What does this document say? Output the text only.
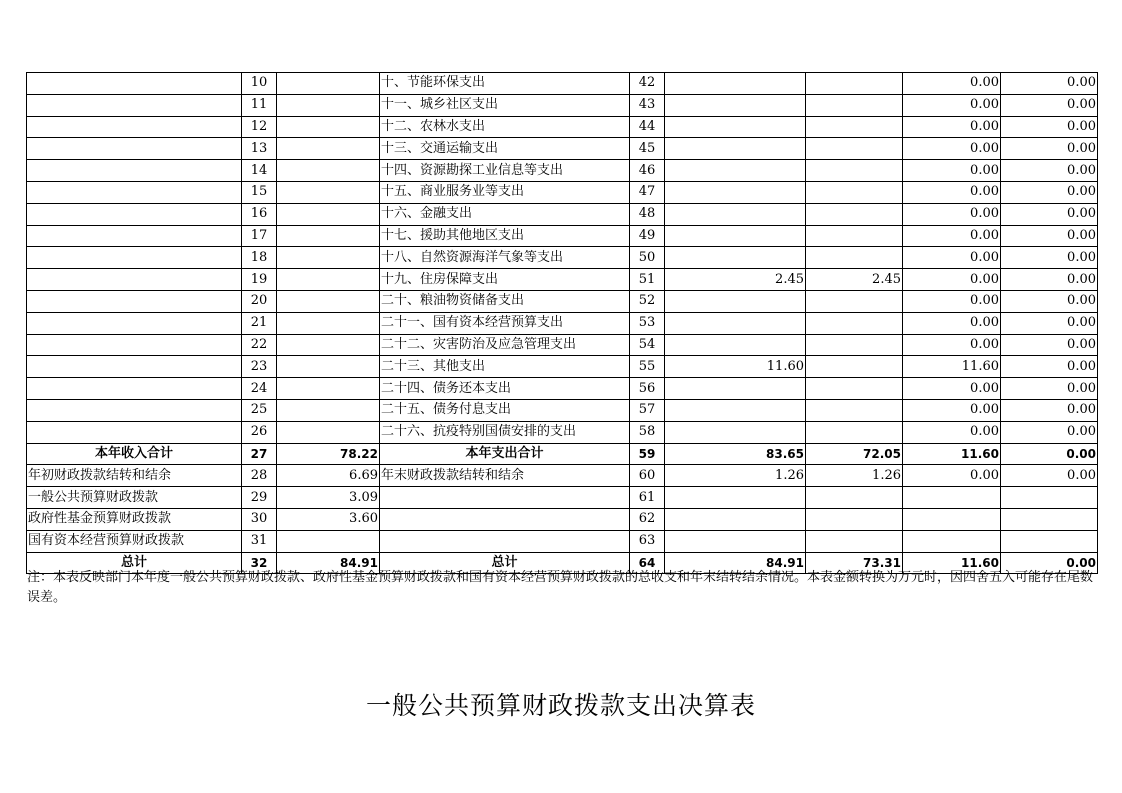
	10		十、节能环保支出	42			0.00	0.00
	11		十一、城乡社区支出	43			0.00	0.00
	12		十二、农林水支出	44			0.00	0.00
	13		十三、交通运输支出	45			0.00	0.00
	14		十四、资源勘探工业信息等支出	46			0.00	0.00
	15		十五、商业服务业等支出	47			0.00	0.00
	16		十六、金融支出	48			0.00	0.00
	17		十七、援助其他地区支出	49			0.00	0.00
	18		十八、自然资源海洋气象等支出	50			0.00	0.00
	19		十九、住房保障支出	51	2.45	2.45	0.00	0.00
	20		二十、粮油物资储备支出	52			0.00	0.00
	21		二十一、国有资本经营预算支出	53			0.00	0.00
	22		二十二、灾害防治及应急管理支出	54			0.00	0.00
	23		二十三、其他支出	55	11.60		11.60	0.00
	24		二十四、债务还本支出	56			0.00	0.00
	25		二十五、债务付息支出	57			0.00	0.00
	26		二十六、抗疫特别国债安排的支出	58			0.00	0.00
本年收入合计	27	78.22	本年支出合计	59	83.65	72.05	11.60	0.00
年初财政拨款结转和结余	28	6.69	年末财政拨款结转和结余	60	1.26	1.26	0.00	0.00
一般公共预算财政拨款	29	3.09		61				
政府性基金预算财政拨款	30	3.60		62				
国有资本经营预算财政拨款	31			63				
总计	32	84.91	总计	64	84.91	73.31	11.60	0.00
注：本表反映部门本年度一般公共预算财政拨款、政府性基金预算财政拨款和国有资本经营预算财政拨款的总收支和年末结转结余情况。本表金额转换为万元时，因四舍五入可能存在尾数误差。
一般公共预算财政拨款支出决算表
